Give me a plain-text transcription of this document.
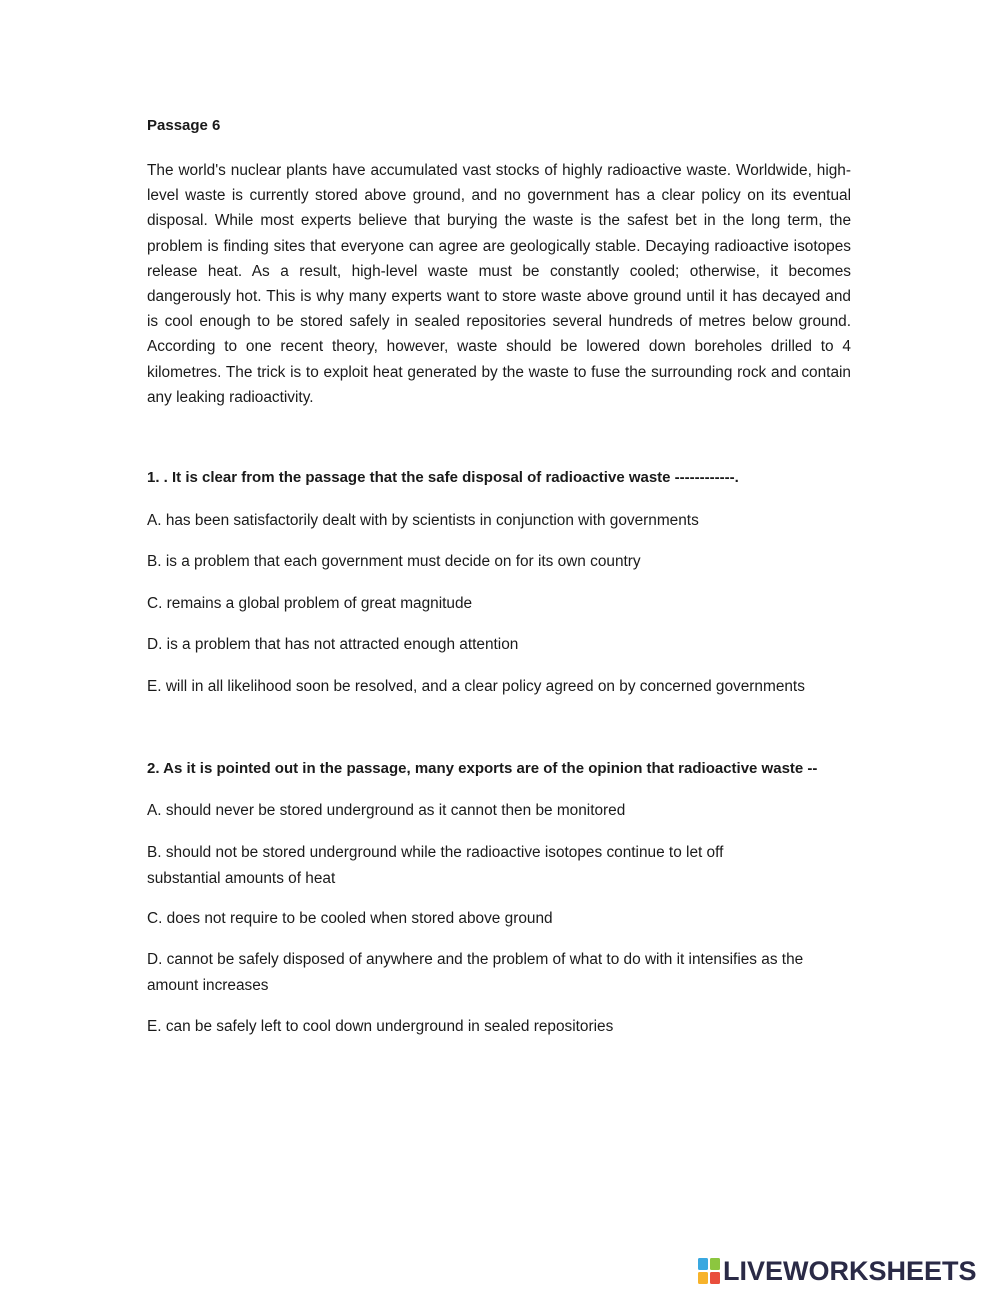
Passage 6

The world's nuclear plants have accumulated vast stocks of highly radioactive waste. Worldwide, high-level waste is currently stored above ground, and no government has a clear policy on its eventual disposal. While most experts believe that burying the waste is the safest bet in the long term, the problem is finding sites that everyone can agree are geologically stable. Decaying radioactive isotopes release heat. As a result, high-level waste must be constantly cooled; otherwise, it becomes dangerously hot. This is why many experts want to store waste above ground until it has decayed and is cool enough to be stored safely in sealed repositories several hundreds of metres below ground. According to one recent theory, however, waste should be lowered down boreholes drilled to 4 kilometres. The trick is to exploit heat generated by the waste to fuse the surrounding rock and contain any leaking radioactivity.

1. . It is clear from the passage that the safe disposal of radioactive waste ------------.

A. has been satisfactorily dealt with by scientists in conjunction with governments

B. is a problem that each government must decide on for its own country

C. remains a global problem of great magnitude

D. is a problem that has not attracted enough attention

E. will in all likelihood soon be resolved, and a clear policy agreed on by concerned governments

2. As it is pointed out in the passage, many exports are of the opinion that radioactive waste --

A. should never be stored underground as it cannot then be monitored

B. should not be stored underground while the radioactive isotopes continue to let off substantial amounts of heat

C. does not require to be cooled when stored above ground

D. cannot be safely disposed of anywhere and the problem of what to do with it intensifies as the amount increases

E. can be safely left to cool down underground in sealed repositories

LIVEWORKSHEETS
